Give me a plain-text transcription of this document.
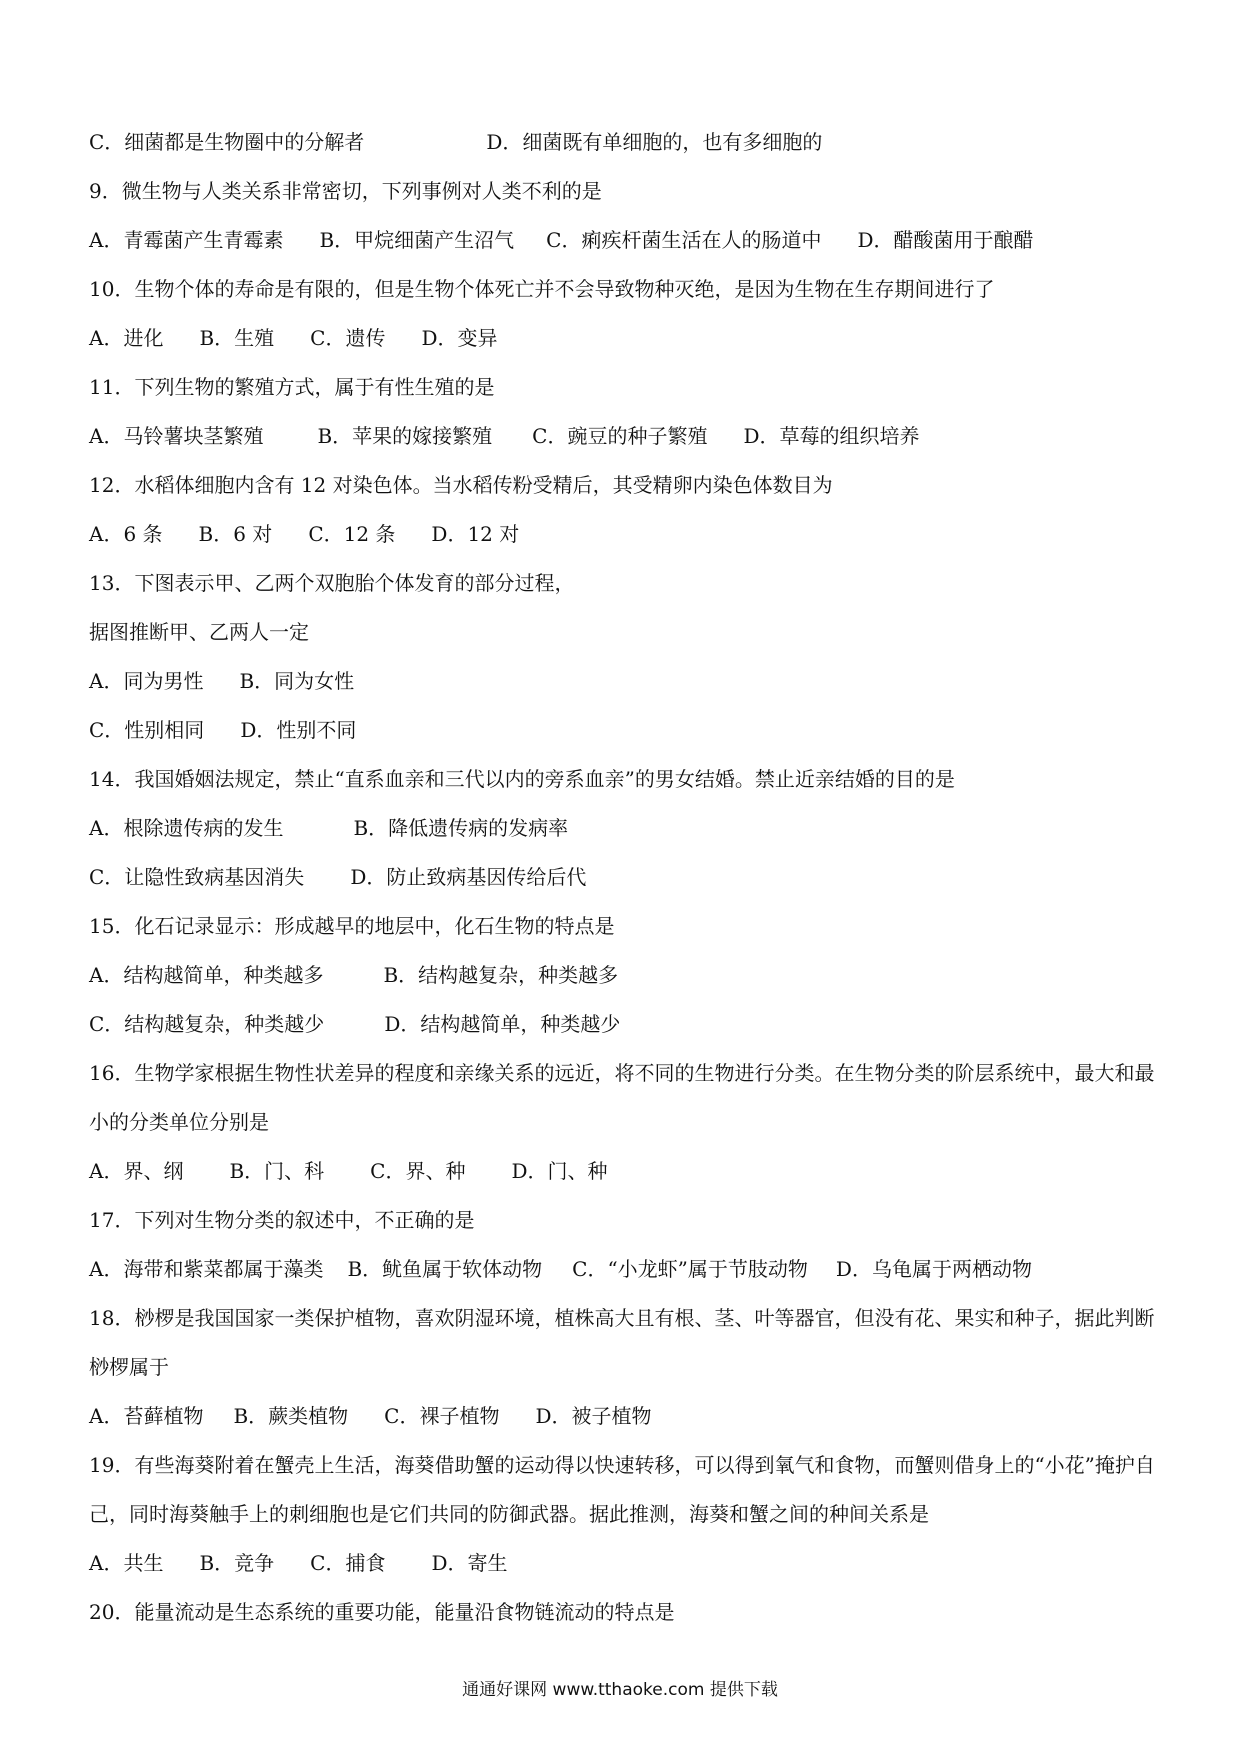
C．细菌都是生物圈中的分解者	D．细菌既有单细胞的，也有多细胞的
9．微生物与人类关系非常密切，下列事例对人类不利的是
A．青霉菌产生青霉素 B．甲烷细菌产生沼气 C．痢疾杆菌生活在人的肠道中 D．醋酸菌用于酿醋
10．生物个体的寿命是有限的，但是生物个体死亡并不会导致物种灭绝，是因为生物在生存期间进行了
A．进化 B．生殖 C．遗传 D．变异
11．下列生物的繁殖方式，属于有性生殖的是
A．马铃薯块茎繁殖	B．苹果的嫁接繁殖 C．豌豆的种子繁殖 D．草莓的组织培养
12．水稻体细胞内含有 12 对染色体。当水稻传粉受精后，其受精卵内染色体数目为
A．6 条 B．6 对 C．12 条 D．12 对
13．下图表示甲、乙两个双胞胎个体发育的部分过程，
据图推断甲、乙两人一定
A．同为男性 B．同为女性
C．性别相同 D．性别不同
14．我国婚姻法规定，禁止“直系血亲和三代以内的旁系血亲”的男女结婚。禁止近亲结婚的目的是
A．根除遗传病的发生	B．降低遗传病的发病率
C．让隐性致病基因消失 D．防止致病基因传给后代
15．化石记录显示：形成越早的地层中，化石生物的特点是
A．结构越简单，种类越多	B．结构越复杂，种类越多
C．结构越复杂，种类越少	D．结构越简单，种类越少
16．生物学家根据生物性状差异的程度和亲缘关系的远近，将不同的生物进行分类。在生物分类的阶层系统中，最大和最小的分类单位分别是
A．界、纲 B．门、科 C．界、种 D．门、种
17．下列对生物分类的叙述中，不正确的是
A．海带和紫菜都属于藻类 B．鱿鱼属于软体动物 C．“小龙虾”属于节肢动物 D．乌龟属于两栖动物
18．桫椤是我国国家一类保护植物，喜欢阴湿环境，植株高大且有根、茎、叶等器官，但没有花、果实和种子，据此判断桫椤属于
A．苔藓植物 B．蕨类植物 C．裸子植物 D．被子植物
19．有些海葵附着在蟹壳上生活，海葵借助蟹的运动得以快速转移，可以得到氧气和食物，而蟹则借身上的“小花”掩护自己，同时海葵触手上的刺细胞也是它们共同的防御武器。据此推测，海葵和蟹之间的种间关系是
A．共生 B．竞争 C．捕食 D．寄生
20．能量流动是生态系统的重要功能，能量沿食物链流动的特点是
通通好课网 www.tthaoke.com 提供下载
